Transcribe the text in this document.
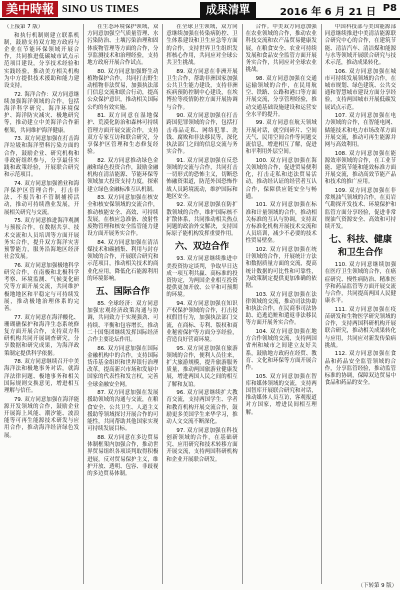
美中時報 SINO US TIMES	成果清單	2016 年 6 月 21 日 P8

（上接第 7 版）

和执行机制则建立联系机制，鼓励支持双方地方政府与企业在节能环保领域开展合作，共同推进低碳城市试点示范项目建设，分享技术经验和实践经验，推动美方相关机构为中方提供技术援助和能力建设支持。

72. 海洋合作：双方同意继续加强海洋领域的合作，包括海洋科学研究、海洋环境保护、海洋防灾减灾、极地研究等，推动建立中美海洋合作新框架，共同维护海洋健康。

73. 双方同意加强在打击海洋垃圾和海洋塑料污染方面的合作，鼓励企业、研究机构和非政府组织参与，分享最佳实践和政策经验，开展联合研究和示范项目。

74. 双方同意加强渔业和海洋保护区管理合作，打击非法、不报告和不管制捕捞活动，推动可持续渔业发展，开展相关研究与交流。

75. 双方同意推进海洋观测与预报合作，在数据共享、技术交流和人员培训等方面开展务实合作，提升双方海洋灾害预警能力，服务沿海地区经济社会发展。

76. 双方同意加强极地科学研究合作，在南极和北极科学考察、环境监测、气候变化研究等方面开展交流，共同维护极地地区和平稳定与可持续发展，推动极地治理体系的完善。

77. 双方同意在海洋酸化、珊瑚礁保护和海洋生态系统修复方面开展合作，支持双方科研机构共同开展调查研究，分享数据和研究成果，为海洋政策制定提供科学依据。

78. 双方同意继续召开中美海洋法和极地事务对话，就海洋法律问题、极地事务和相关国际规则交换意见，增进相互理解与信任。

79. 双方同意加强在海洋能源开发领域的合作，鼓励企业开展海上风能、潮汐能、波浪能等可再生能源技术研发与应用合作，推动海洋经济绿色发展。

在生态环境保护领域，双方同意加强空气质量管理、水污染防治、土壤污染治理和固体废物管理等方面的合作，分享监测技术和治理经验，支持地方政府开展合作试点。

80. 双方同意加强野生动植物保护合作，共同打击野生动植物非法贸易，加强执法部门信息交流和联合行动，提高公众保护意识，推动相关国际公约的有效实施。

81. 双方同意在湿地保护、荒漠化防治和森林可持续管理方面开展交流合作，支持双方专家互访和联合研究，分享保护区管理和生态修复经验。

82. 双方同意推动绿色金融和绿色投资合作，鼓励金融机构在清洁能源、节能环保等领域加大投资支持力度，探索建立绿色金融标准互认机制。

83. 双方同意加强在核安全和核安保领域的交流合作，推动核能安全、高效、可持续发展，在核应急准备、放射性废物管理和核安全监管能力建设方面开展务实合作。

84. 双方同意加强在清洁煤技术和碳捕集、利用与封存领域的合作，开展联合研究和示范项目，推动相关技术的商业化应用，降低化石能源利用的环境影响。

五、国际合作

85. 全球经济：双方同意加强宏观经济政策沟通与协调，共同致力于实现强劲、可持续、平衡和包容增长，推动二十国集团继续发挥国际经济合作主要论坛作用。

86. 双方同意加强在国际金融机构中的合作，支持国际货币基金组织和世界银行治理改革，提高新兴市场和发展中国家的代表性和发言权，完善全球金融安全网。

87. 双方同意加强在发展援助领域的沟通与交流，在粮食安全、公共卫生、人道主义援助等领域探讨开展合作的可能性，共同帮助其他国家实现可持续发展目标。

88. 双方同意在多边贸易体制框架内加强合作，推动世界贸易组织各项谈判取得积极进展，反对贸易保护主义，维护开放、透明、包容、非歧视的多边贸易体制。

在全球卫生领域，双方同意继续加强在传染病防控、卫生体系建设和卫生应急等方面的合作，支持世界卫生组织发挥核心作用，共同应对全球公共卫生挑战。

89. 双方同意在非洲开展卫生合作，帮助非洲国家加强公共卫生能力建设，支持非洲疾病预防控制中心建设，在埃博拉等疫情防控方面开展协调与合作。

90. 双方同意加强在打击跨国犯罪领域的合作，包括打击毒品走私、网络犯罪、洗钱、腐败和非法移民等，深化执法部门之间的信息交流与务实合作。

91. 双方同意加强在反恐领域的交流与合作，共同打击一切形式的恐怖主义，切断恐怖融资渠道，防范外国恐怖作战人员跨境流动，维护国际和地区安全。

92. 双方同意加强在防扩散领域的合作，维护国际核不扩散体系，共同推动相关热点问题的政治外交解决，支持国际原子能机构发挥重要作用。

六、双边合作

93. 双方同意继续推进中美投资协定谈判，争取早日达成一项互利共赢、高标准的投资协定，为两国企业相互投资提供更加开放、公平和可预期的环境。

94. 双方同意加强在知识产权保护领域的合作，打击侵权假冒行为，加强执法部门交流，在商标、专利、版权和商业秘密保护等方面分享经验，营造良好营商环境。

95. 双方同意加强在旅游领域的合作，便利人员往来，扩大旅游规模，提升旅游服务质量，推动两国旅游业健康发展，增进两国人民之间的相互了解和友谊。

96. 双方同意继续扩大教育交流，支持两国学生、学者和教育机构开展交流合作，鼓励更多美国学生来华学习，推动人文交流不断深化。

97. 双方同意加强在科技创新领域的合作，在基础研究、应用研究和技术转移方面开展交流，支持两国科研机构和企业开展联合研发。

合作。中美双方同意加强在农业领域的合作，推动农业科技交流和农产品贸易健康发展，在粮食安全、农业可持续发展和食品安全监管方面开展务实合作，共同应对全球农业挑战。

98. 双方同意加强在交通运输领域的合作，在民用航空、铁路、公路和港口等方面开展交流，分享管理经验，推动交通基础设施建设和运营安全水平的提升。

99. 双方同意在航天领域开展对话，就空间碎片、空间天气、民用空间合作等问题交流信息，增进相互了解，促进和平利用外层空间。

100. 双方同意加强在海关领域的合作，促进贸易便利化，打击走私和违法贸易活动，推动经认证的经营者互认合作，保障供应链安全与畅通。

101. 双方同意加强在标准和计量领域的合作，推动相关标准的互认与协调，支持双方标准化机构开展技术交流和人员培训，减少不必要的技术性贸易壁垒。

102. 双方同意加强在统计领域的合作，开展统计方法和数据质量方面的交流，提高统计数据的可比性和可靠性，为政策制定提供更加准确的依据。

103. 双方同意加强在法律领域的交流，推动司法协助和执法合作，在民商事司法协助、追逃追赃和遣返非法移民等方面开展务实合作。

104. 双方同意加强在地方合作领域的交流，支持两国省州和城市之间建立友好关系，鼓励地方政府在经贸、教育、文化和环保等方面开展合作。

105. 双方同意加强在智库和媒体领域的交流，支持两国智库开展联合研究和对话，推动媒体人员互访，客观报道对方国家，增进民间相互理解。

中国科技部与美国能源部同意继续推进中美清洁能源联合研究中心的合作，在建筑节能、清洁汽车、清洁煤和能源与水等领域开展联合研究与技术示范，推动成果转化。

106. 双方同意加强在城市可持续发展领域的合作，在城市规划、绿色建筑、公共交通和智慧城市建设方面分享经验，支持两国城市开展低碳发展试点示范。

107. 双方同意加强在电力领域的合作，在智能电网、储能技术和电力市场改革方面开展交流，推动可再生能源并网与高效利用。

108. 双方同意加强在能源效率领域的合作，在工业节能、建筑节能和能效标准方面开展交流，推动高效节能产品和技术的推广应用。

109. 双方同意加强在非常规油气领域的合作，在页岩气勘探开发技术、环境保护和监管方面分享经验，促进非常规油气资源安全、高效和可持续开发。

七、科技、健康和卫生合作

110. 双方同意继续加强在医疗卫生领域的合作，在癌症研究、慢性病防治、精准医学和药品监管等方面开展交流与合作，共同提高两国人民健康水平。

111. 双方同意加强在疫苗研发和生物医学研究领域的合作，支持两国科研机构开展联合研究，推动相关成果转化与应用，共同应对新发传染病挑战。

112. 双方同意加强在食品和药品安全监管领域的合作，分享监管经验，推动监管标准的协调，保障双边贸易中食品和药品的安全。

（下转第 9 版）
